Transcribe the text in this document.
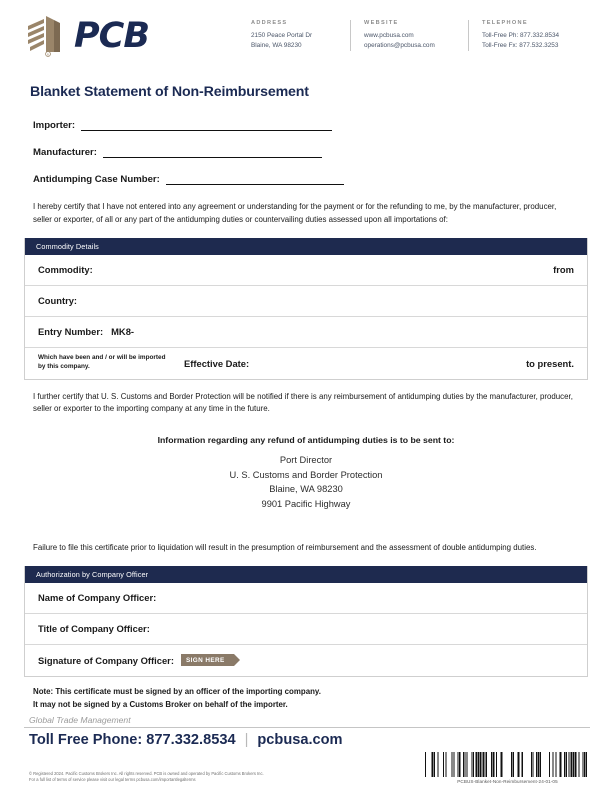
R PCB	ADDRESS
2150 Peace Portal Dr
Blaine, WA 98230
WEBSITE
www.pcbusa.com
operations@pcbusa.com
TELEPHONE
Toll-Free Ph: 877.332.8534
Toll-Free Fx: 877.532.3253
Blanket Statement of Non-Reimbursement
Importer:
Manufacturer:
Antidumping Case Number:
I hereby certify that I have not entered into any agreement or understanding for the payment or for the refunding to me, by the manufacturer, producer, seller or exporter, of all or any part of the antidumping duties or countervailing duties assessed upon all importations of:
Commodity Details
Commodity:	from
Country:
Entry Number: MK8-
Which have been and / or will be imported by this company.	Effective Date:	to present.
I further certify that U. S. Customs and Border Protection will be notified if there is any reimbursement of antidumping duties by the manufacturer, producer, seller or exporter to the importing company at any time in the future.
Information regarding any refund of antidumping duties is to be sent to:
Port Director
U. S. Customs and Border Protection
Blaine, WA 98230
9901 Pacific Highway
Failure to file this certificate prior to liquidation will result in the presumption of reimbursement and the assessment of double antidumping duties.
Authorization by Company Officer
Name of Company Officer:
Title of Company Officer:
Signature of Company Officer:	SIGN HERE
Note: This certificate must be signed by an officer of the importing company.
It may not be signed by a Customs Broker on behalf of the importer.
Global Trade Management
Toll Free Phone: 877.332.8534 | pcbusa.com
© Registered 2024. Pacific Customs Brokers Inc. All rights reserved. PCB is owned and operated by Pacific Customs Brokers Inc.
For a full list of terms of service please visit our legal terms pcbusa.com/importantlegalterms	PCBUS-Blanket-Non-Reimbursement-24-01-05
